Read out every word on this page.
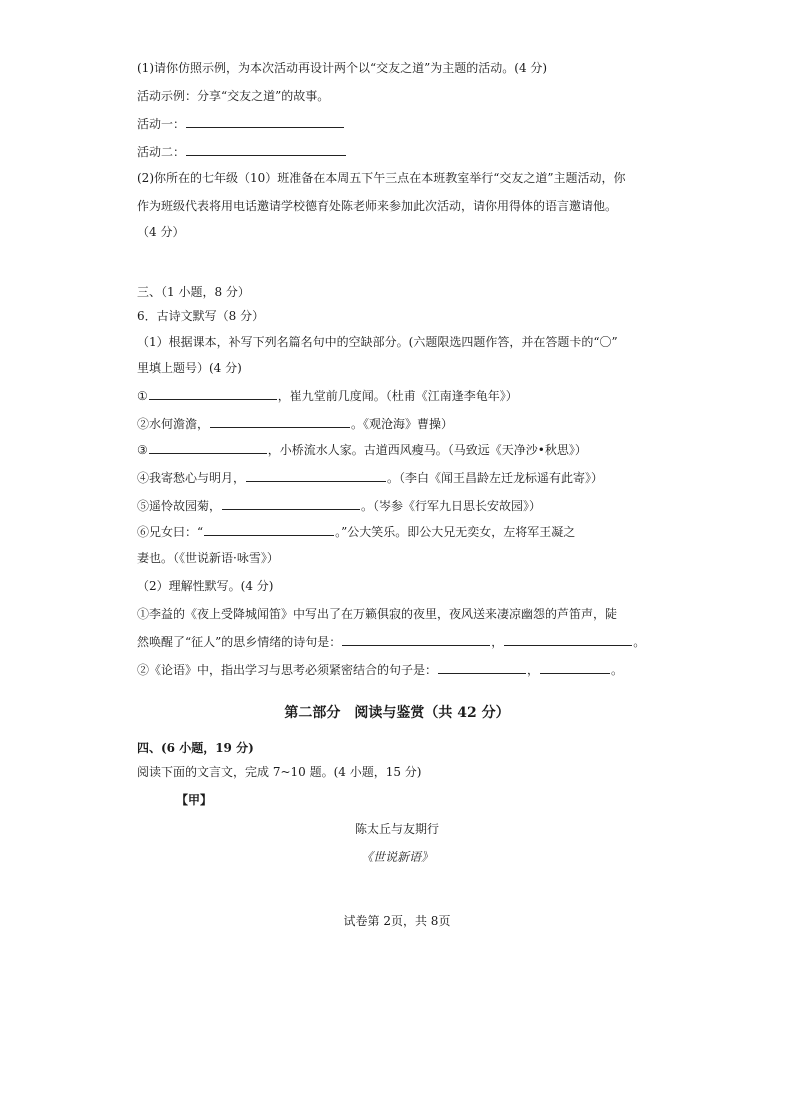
(1)请你仿照示例，为本次活动再设计两个以“交友之道”为主题的活动。(4 分)
活动示例：分享“交友之道”的故事。
活动一：
活动二：
(2)你所在的七年级（10）班准备在本周五下午三点在本班教室举行“交友之道”主题活动，你
作为班级代表将用电话邀请学校德育处陈老师来参加此次活动，请你用得体的语言邀请他。
（4 分）
三、（1 小题，8 分）
6．古诗文默写（8 分）
（1）根据课本，补写下列名篇名句中的空缺部分。(六题限选四题作答，并在答题卡的“〇”
里填上题号）(4 分)
①	，崔九堂前几度闻。（杜甫《江南逢李龟年》）
②水何澹澹，	。《观沧海》曹操）
③	，小桥流水人家。古道西风瘦马。（马致远《天净沙•秋思》）
④我寄愁心与明月，	。（李白《闻王昌龄左迁龙标遥有此寄》）
⑤遥怜故园菊，	。（岑参《行军九日思长安故园》）
⑥兄女曰：“	。”公大笑乐。即公大兄无奕女，左将军王凝之
妻也。（《世说新语·咏雪》）
（2）理解性默写。(4 分)
①李益的《夜上受降城闻笛》中写出了在万籁俱寂的夜里，夜风送来凄凉幽怨的芦笛声，陡
然唤醒了“征人”的思乡情绪的诗句是：	，	。
②《论语》中，指出学习与思考必须紧密结合的句子是：	，	。
第二部分　阅读与鉴赏（共 42 分）
四、(6 小题，19 分)
阅读下面的文言文，完成 7~10 题。(4 小题，15 分)
【甲】
陈太丘与友期行
《世说新语》
试卷第 2页，共 8页
